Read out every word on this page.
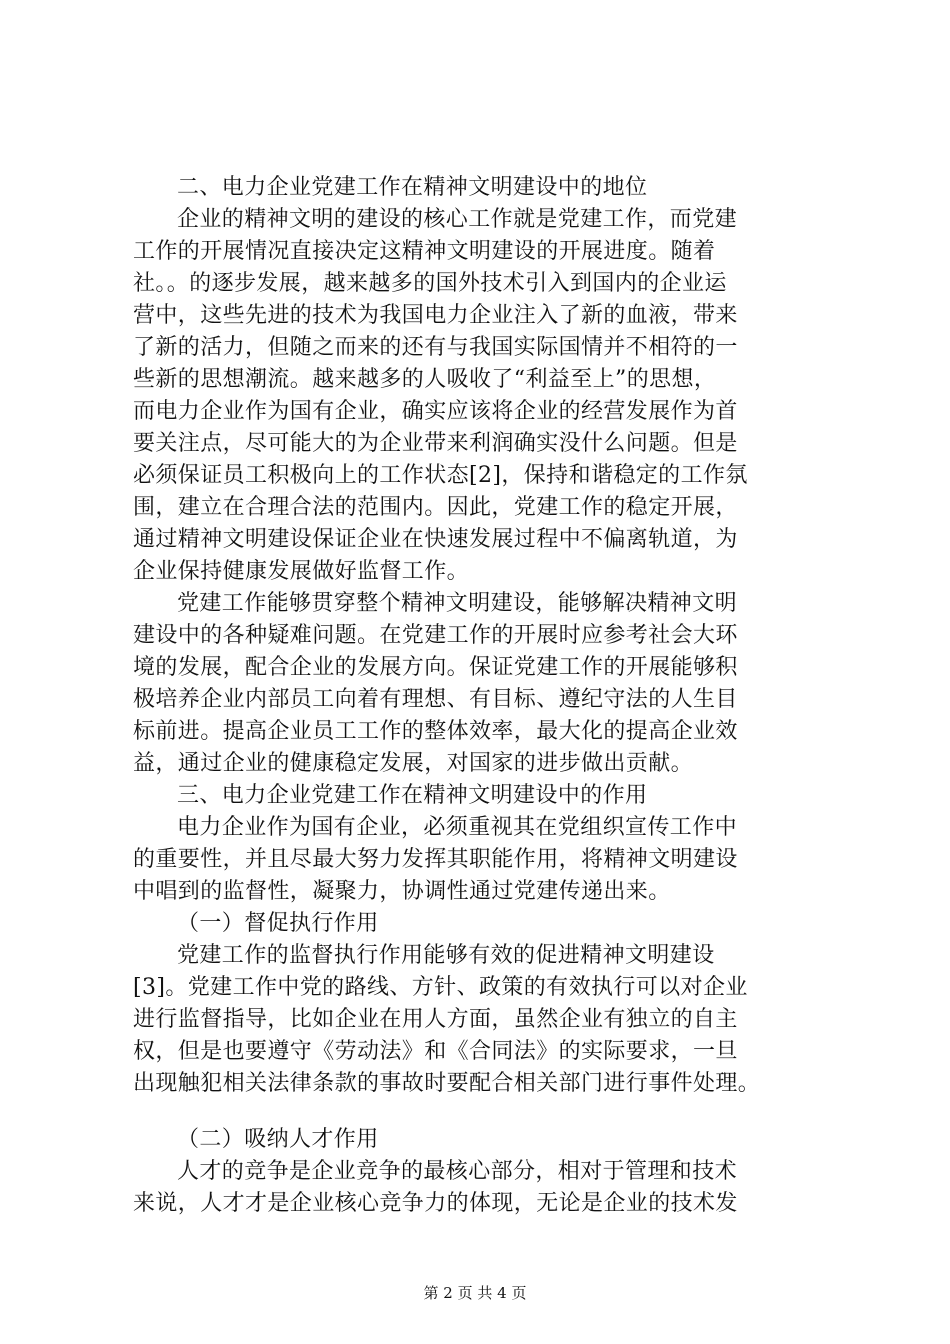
二、电力企业党建工作在精神文明建设中的地位
企业的精神文明的建设的核心工作就是党建工作，而党建
工作的开展情况直接决定这精神文明建设的开展进度。随着
社。。的逐步发展，越来越多的国外技术引入到国内的企业运
营中，这些先进的技术为我国电力企业注入了新的血液，带来
了新的活力，但随之而来的还有与我国实际国情并不相符的一
些新的思想潮流。越来越多的人吸收了“利益至上”的思想，
而电力企业作为国有企业，确实应该将企业的经营发展作为首
要关注点，尽可能大的为企业带来利润确实没什么问题。但是
必须保证员工积极向上的工作状态[2]，保持和谐稳定的工作氛
围，建立在合理合法的范围内。因此，党建工作的稳定开展，
通过精神文明建设保证企业在快速发展过程中不偏离轨道，为
企业保持健康发展做好监督工作。
党建工作能够贯穿整个精神文明建设，能够解决精神文明
建设中的各种疑难问题。在党建工作的开展时应参考社会大环
境的发展，配合企业的发展方向。保证党建工作的开展能够积
极培养企业内部员工向着有理想、有目标、遵纪守法的人生目
标前进。提高企业员工工作的整体效率，最大化的提高企业效
益，通过企业的健康稳定发展，对国家的进步做出贡献。
三、电力企业党建工作在精神文明建设中的作用
电力企业作为国有企业，必须重视其在党组织宣传工作中
的重要性，并且尽最大努力发挥其职能作用，将精神文明建设
中唱到的监督性，凝聚力，协调性通过党建传递出来。
（一）督促执行作用
党建工作的监督执行作用能够有效的促进精神文明建设
[3]。党建工作中党的路线、方针、政策的有效执行可以对企业
进行监督指导，比如企业在用人方面，虽然企业有独立的自主
权，但是也要遵守《劳动法》和《合同法》的实际要求，一旦
出现触犯相关法律条款的事故时要配合相关部门进行事件处理。
（二）吸纳人才作用
人才的竞争是企业竞争的最核心部分，相对于管理和技术
来说，人才才是企业核心竞争力的体现，无论是企业的技术发
第 2 页 共 4 页
